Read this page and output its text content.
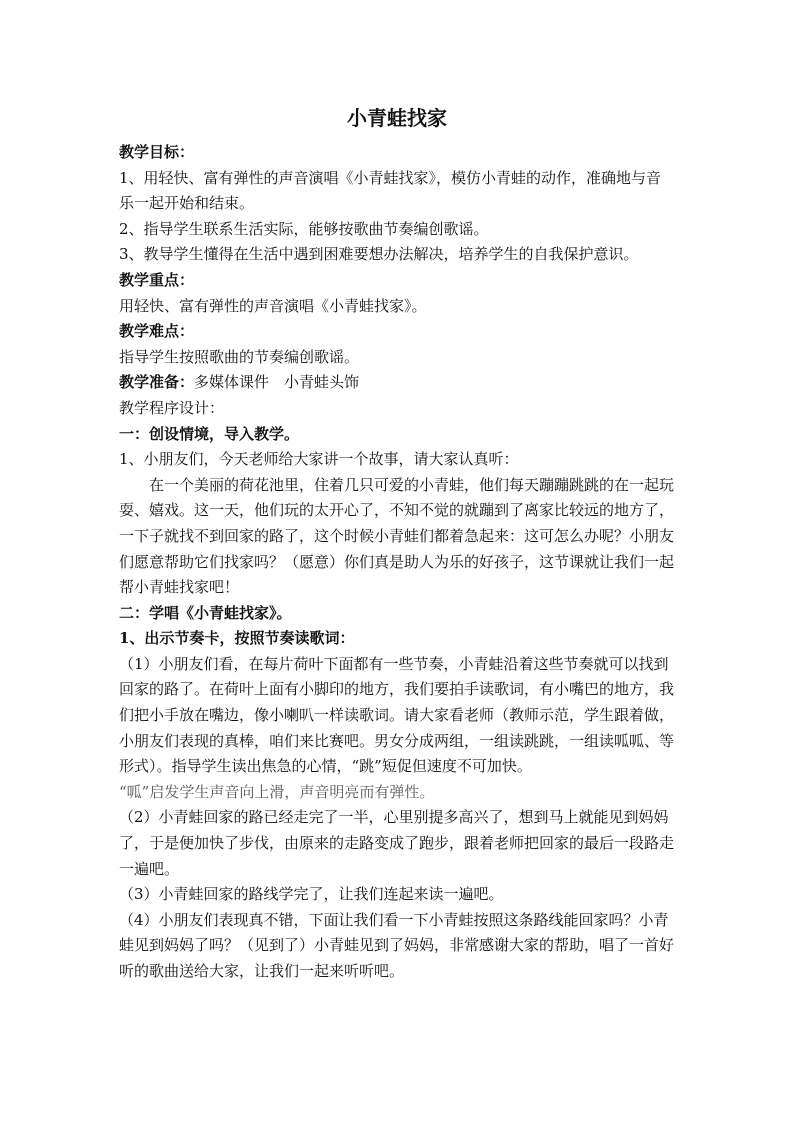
小青蛙找家

教学目标：

1、用轻快、富有弹性的声音演唱《小青蛙找家》，模仿小青蛙的动作，准确地与音乐一起开始和结束。

2、指导学生联系生活实际，能够按歌曲节奏编创歌谣。

3、教导学生懂得在生活中遇到困难要想办法解决，培养学生的自我保护意识。

教学重点：

用轻快、富有弹性的声音演唱《小青蛙找家》。

教学难点：

指导学生按照歌曲的节奏编创歌谣。

教学准备：多媒体课件　小青蛙头饰

教学程序设计：

一：创设情境，导入教学。

1、小朋友们，今天老师给大家讲一个故事，请大家认真听：

在一个美丽的荷花池里，住着几只可爱的小青蛙，他们每天蹦蹦跳跳的在一起玩耍、嬉戏。这一天，他们玩的太开心了，不知不觉的就蹦到了离家比较远的地方了，一下子就找不到回家的路了，这个时候小青蛙们都着急起来：这可怎么办呢？小朋友们愿意帮助它们找家吗？（愿意）你们真是助人为乐的好孩子，这节课就让我们一起帮小青蛙找家吧！

二：学唱《小青蛙找家》。

1、出示节奏卡，按照节奏读歌词：

（1）小朋友们看，在每片荷叶下面都有一些节奏，小青蛙沿着这些节奏就可以找到回家的路了。在荷叶上面有小脚印的地方，我们要拍手读歌词，有小嘴巴的地方，我们把小手放在嘴边，像小喇叭一样读歌词。请大家看老师（教师示范，学生跟着做，小朋友们表现的真棒，咱们来比赛吧。男女分成两组，一组读跳跳，一组读呱呱、等形式）。指导学生读出焦急的心情，“跳”短促但速度不可加快。

“呱”启发学生声音向上滑，声音明亮而有弹性。

（2）小青蛙回家的路已经走完了一半，心里别提多高兴了，想到马上就能见到妈妈了，于是便加快了步伐，由原来的走路变成了跑步，跟着老师把回家的最后一段路走一遍吧。

（3）小青蛙回家的路线学完了，让我们连起来读一遍吧。

（4）小朋友们表现真不错，下面让我们看一下小青蛙按照这条路线能回家吗？小青蛙见到妈妈了吗？（见到了）小青蛙见到了妈妈，非常感谢大家的帮助，唱了一首好听的歌曲送给大家，让我们一起来听听吧。
